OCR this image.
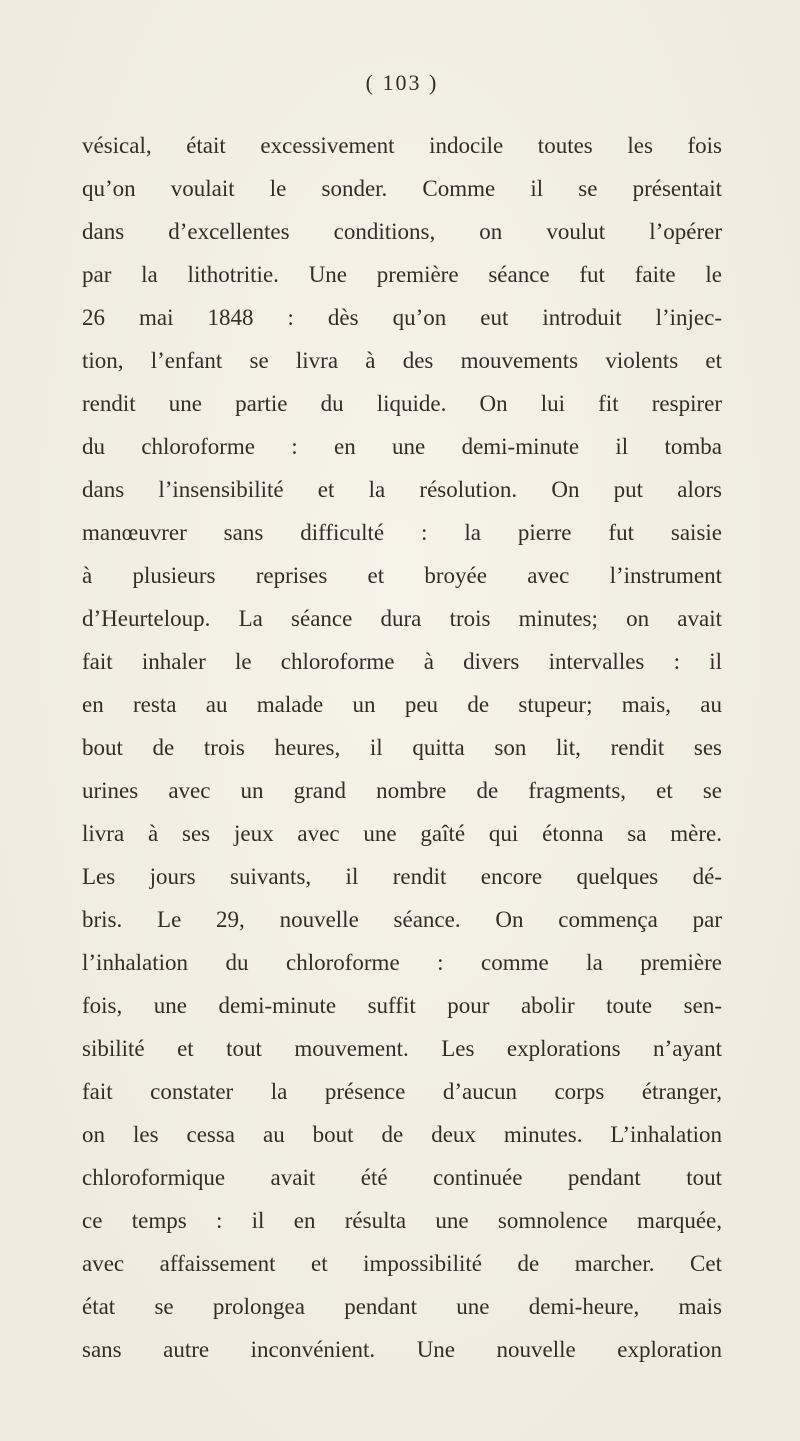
( 103 )
vésical, était excessivement indocile toutes les fois
qu’on voulait le sonder. Comme il se présentait
dans d’excellentes conditions, on voulut l’opérer
par la lithotritie. Une première séance fut faite le
26 mai 1848 : dès qu’on eut introduit l’injec-
tion, l’enfant se livra à des mouvements violents et
rendit une partie du liquide. On lui fit respirer
du chloroforme : en une demi-minute il tomba
dans l’insensibilité et la résolution. On put alors
manœuvrer sans difficulté : la pierre fut saisie
à plusieurs reprises et broyée avec l’instrument
d’Heurteloup. La séance dura trois minutes; on avait
fait inhaler le chloroforme à divers intervalles : il
en resta au malade un peu de stupeur; mais, au
bout de trois heures, il quitta son lit, rendit ses
urines avec un grand nombre de fragments, et se
livra à ses jeux avec une gaîté qui étonna sa mère.
Les jours suivants, il rendit encore quelques dé-
bris. Le 29, nouvelle séance. On commença par
l’inhalation du chloroforme : comme la première
fois, une demi-minute suffit pour abolir toute sen-
sibilité et tout mouvement. Les explorations n’ayant
fait constater la présence d’aucun corps étranger,
on les cessa au bout de deux minutes. L’inhalation
chloroformique avait été continuée pendant tout
ce temps : il en résulta une somnolence marquée,
avec affaissement et impossibilité de marcher. Cet
état se prolongea pendant une demi-heure, mais
sans autre inconvénient. Une nouvelle exploration
